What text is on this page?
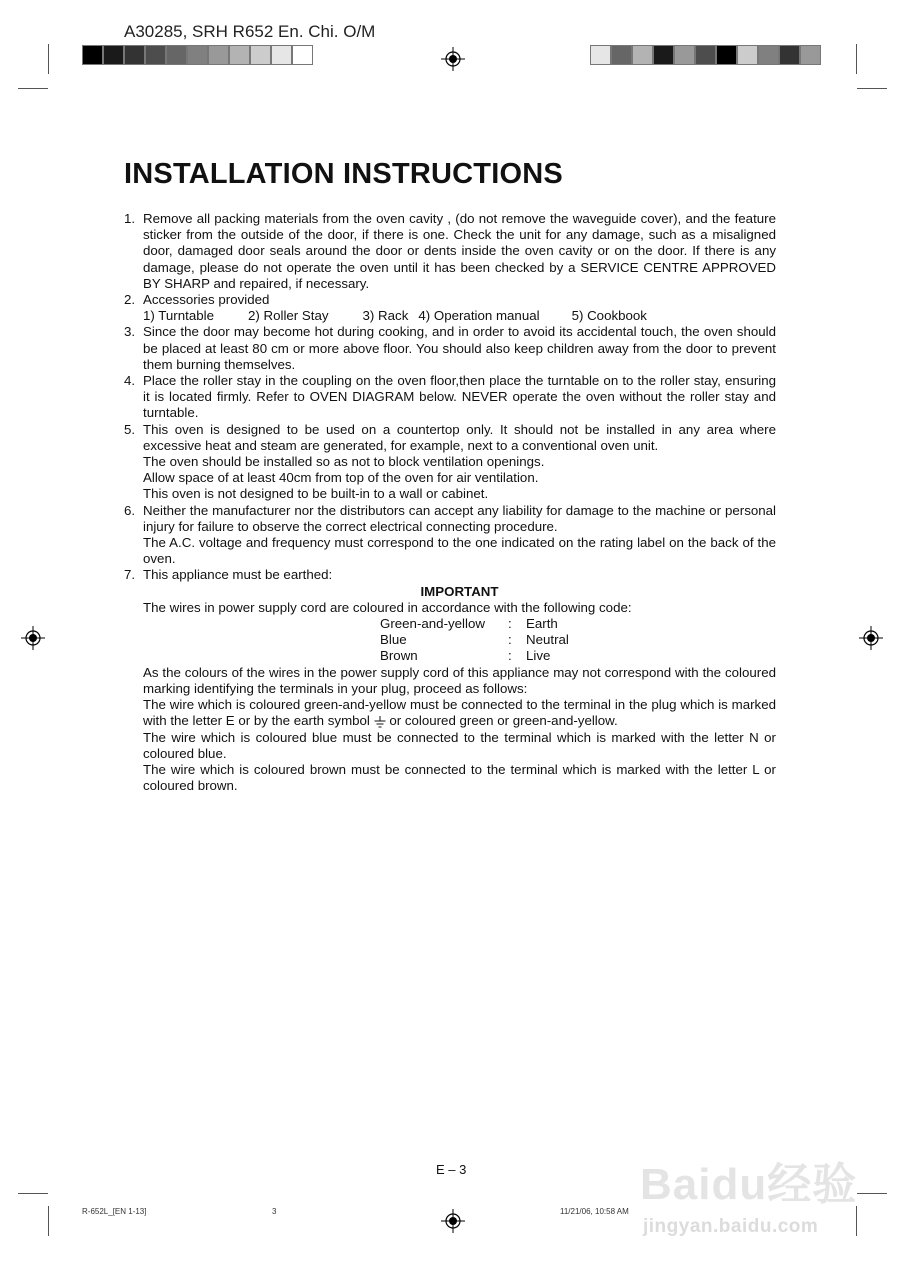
A30285, SRH R652 En. Chi. O/M
INSTALLATION INSTRUCTIONS
1. Remove all packing materials from the oven cavity , (do not remove the waveguide cover), and the feature sticker from the outside of the door, if there is one. Check the unit for any damage, such as a misaligned door, damaged door seals around the door or dents inside the oven cavity or on the door. If there is any damage, please do not operate the oven until it has been checked by a SERVICE CENTRE APPROVED BY SHARP and repaired, if necessary.
2. Accessories provided
1) Turntable	2) Roller Stay	3) Rack 4) Operation manual 5) Cookbook
3. Since the door may become hot during cooking, and in order to avoid its accidental touch, the oven should be placed at least 80 cm or more above floor. You should also keep children away from the door to prevent them burning themselves.
4. Place the roller stay in the coupling on the oven floor,then place the turntable on to the roller stay, ensuring it is located firmly. Refer to OVEN DIAGRAM below. NEVER operate the oven without the roller stay and turntable.
5. This oven is designed to be used on a countertop only. It should not be installed in any area where excessive heat and steam are generated, for example, next to a conventional oven unit.

The oven should be installed so as not to block ventilation openings.

Allow space of at least 40cm from top of the oven for air ventilation.

This oven is not designed to be built-in to a wall or cabinet.

6. Neither the manufacturer nor the distributors can accept any liability for damage to the machine or personal injury for failure to observe the correct electrical connecting procedure.

The A.C. voltage and frequency must correspond to the one indicated on the rating label on the back of the oven.

7. This appliance must be earthed:

IMPORTANT

The wires in power supply cord are coloured in accordance with the following code:

Green-and-yellow	:	Earth
Blue	:	Neutral
Brown	:	Live

As the colours of the wires in the power supply cord of this appliance may not correspond with the coloured marking identifying the terminals in your plug, proceed as follows:

The wire which is coloured green-and-yellow must be connected to the terminal in the plug which is marked with the letter E or by the earth symbol or coloured green or green-and-yellow.

The wire which is coloured blue must be connected to the terminal which is marked with the letter N or coloured blue.

The wire which is coloured brown must be connected to the terminal which is marked with the letter L or coloured brown.

E – 3
R-652L_[EN 1-13]	3	11/21/06, 10:58 AM
Baidu经验
jingyan.baidu.com
